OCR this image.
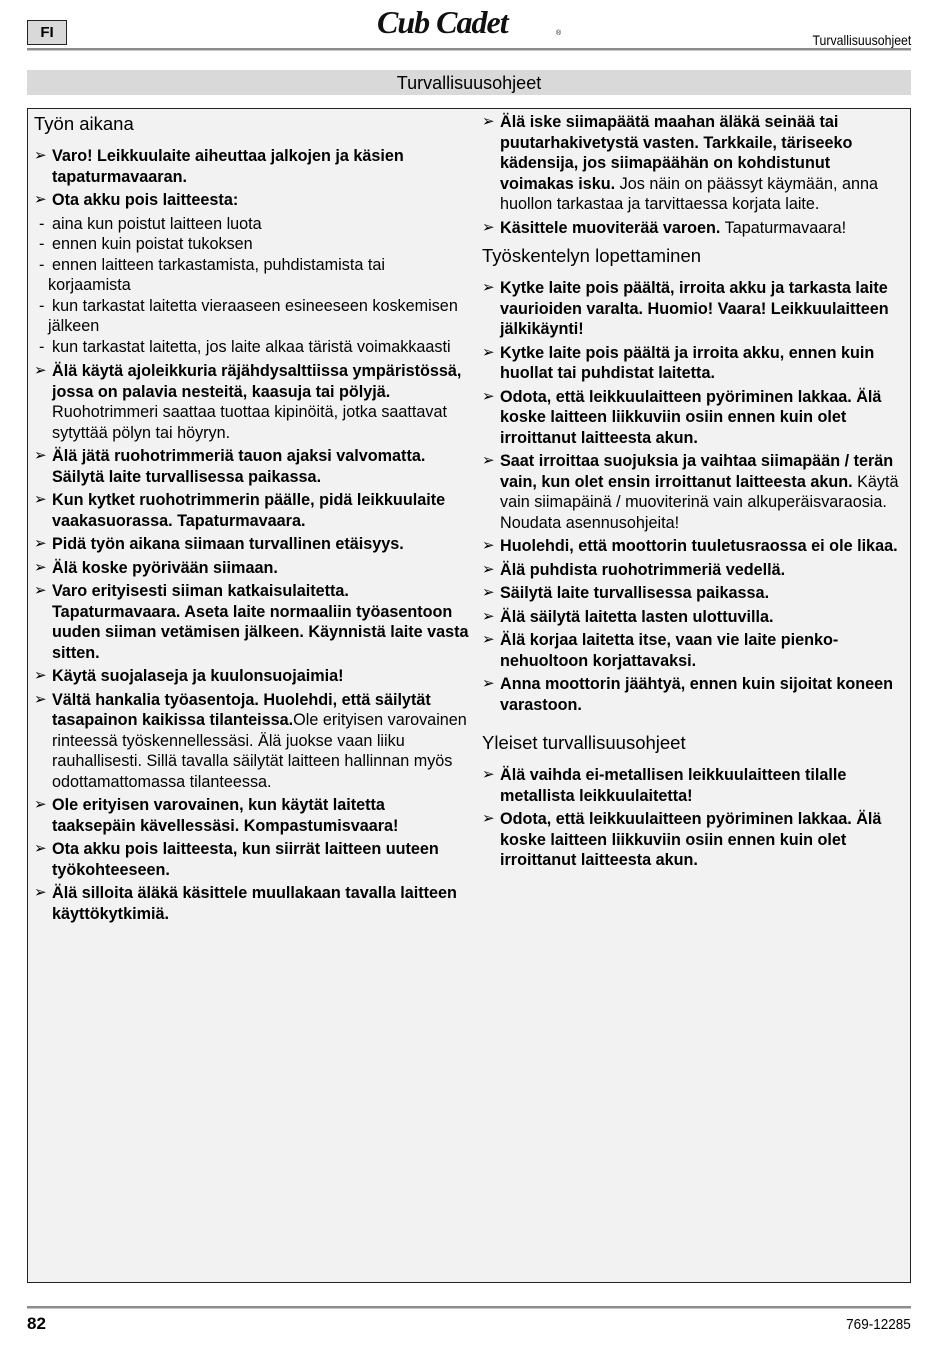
FI	Cub Cadet	®	Turvallisuusohjeet
Turvallisuusohjeet
Työn aikana
➢ Varo! Leikkuulaite aiheuttaa jalkojen ja käsien tapaturmavaaran.
➢ Ota akku pois laitteesta:
- aina kun poistut laitteen luota
- ennen kuin poistat tukoksen
- ennen laitteen tarkastamista, puhdistamista tai korjaamista
- kun tarkastat laitetta vieraaseen esineeseen koskemisen jälkeen
- kun tarkastat laitetta, jos laite alkaa täristä voimakkaasti
➢ Älä käytä ajoleikkuria räjähdysalttiissa ympäristössä, jossa on palavia nesteitä, kaasuja tai pölyjä. Ruohotrimmeri saattaa tuottaa kipinöitä, jotka saattavat sytyttää pölyn tai höyryn.
➢ Älä jätä ruohotrimmeriä tauon ajaksi valvomatta. Säilytä laite turvallisessa paikassa.
➢ Kun kytket ruohotrimmerin päälle, pidä leikkuulaite vaakasuorassa. Tapaturmavaara.
➢ Pidä työn aikana siimaan turvallinen etäisyys.
➢ Älä koske pyörivään siimaan.
➢ Varo erityisesti siiman katkaisulaitetta. Tapaturmavaara. Aseta laite normaaliin työasentoon uuden siiman vetämisen jälkeen. Käynnistä laite vasta sitten.
➢ Käytä suojalaseja ja kuulonsuojaimia!
➢ Vältä hankalia työasentoja. Huolehdi, että säilytät tasapainon kaikissa tilanteissa.Ole erityisen varovainen rinteessä työskennellessäsi. Älä juokse vaan liiku rauhallisesti. Sillä tavalla säilytät laitteen hallinnan myös odottamattomassa tilanteessa.
➢ Ole erityisen varovainen, kun käytät laitetta taaksepäin kävellessäsi. Kompastumisvaara!
➢ Ota akku pois laitteesta, kun siirrät laitteen uuteen työkohteeseen.
➢ Älä silloita äläkä käsittele muullakaan tavalla laitteen käyttökytkimiä.
➢ Älä iske siimapäätä maahan äläkä seinää tai puutarhakivetystä vasten. Tarkkaile, täriseeko kädensija, jos siimapäähän on kohdistunut voimakas isku. Jos näin on päässyt käymään, anna huollon tarkastaa ja tarvittaessa korjata laite.
➢ Käsittele muoviterää varoen. Tapaturmavaara!
Työskentelyn lopettaminen
➢ Kytke laite pois päältä, irroita akku ja tarkasta laite vaurioiden varalta. Huomio! Vaara! Leikkuulaitteen jälkikäynti!
➢ Kytke laite pois päältä ja irroita akku, ennen kuin huollat tai puhdistat laitetta.
➢ Odota, että leikkuulaitteen pyöriminen lakkaa. Älä koske laitteen liikkuviin osiin ennen kuin olet irroittanut laitteesta akun.
➢ Saat irroittaa suojuksia ja vaihtaa siimapään / terän vain, kun olet ensin irroittanut laitteesta akun. Käytä vain siimapäinä / muoviterinä vain alkuperäisvaraosia. Noudata asennusohjeita!
➢ Huolehdi, että moottorin tuuletusraossa ei ole likaa.
➢ Älä puhdista ruohotrimmeriä vedellä.
➢ Säilytä laite turvallisessa paikassa.
➢ Älä säilytä laitetta lasten ulottuvilla.
➢ Älä korjaa laitetta itse, vaan vie laite pienkonehuoltoon korjattavaksi.
➢ Anna moottorin jäähtyä, ennen kuin sijoitat koneen varastoon.
Yleiset turvallisuusohjeet
➢ Älä vaihda ei-metallisen leikkuulaitteen tilalle metallista leikkuulaitetta!
➢ Odota, että leikkuulaitteen pyöriminen lakkaa. Älä koske laitteen liikkuviin osiin ennen kuin olet irroittanut laitteesta akun.
82	769-12285
